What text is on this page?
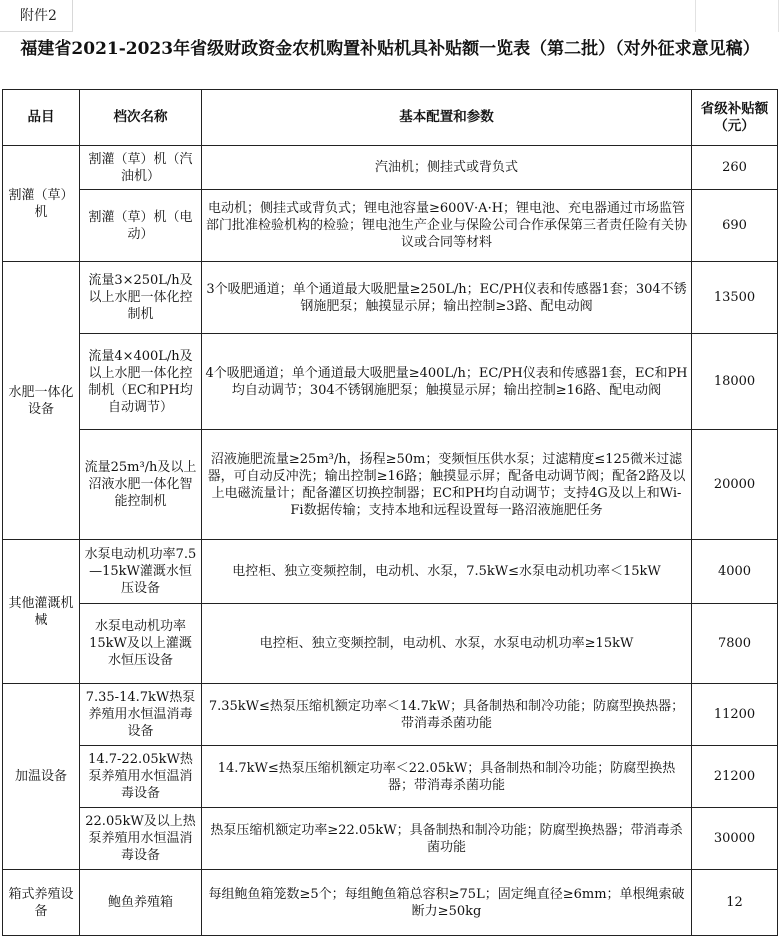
附件2
福建省2021-2023年省级财政资金农机购置补贴机具补贴额一览表（第二批）（对外征求意见稿）
品目	档次名称	基本配置和参数	省级补贴额（元）
割灌（草）机	割灌（草）机（汽油机）	汽油机；侧挂式或背负式	260
	割灌（草）机（电动）	电动机；侧挂式或背负式；锂电池容量≥600V·A·H；锂电池、充电器通过市场监管部门批准检验机构的检验；锂电池生产企业与保险公司合作承保第三者责任险有关协议或合同等材料	690
水肥一体化设备	流量3×250L/h及以上水肥一体化控制机	3个吸肥通道；单个通道最大吸肥量≥250L/h；EC/PH仪表和传感器1套；304不锈钢施肥泵；触摸显示屏；输出控制≥3路、配电动阀	13500
	流量4×400L/h及以上水肥一体化控制机（EC和PH均自动调节）	4个吸肥通道；单个通道最大吸肥量≥400L/h；EC/PH仪表和传感器1套，EC和PH均自动调节；304不锈钢施肥泵；触摸显示屏；输出控制≥16路、配电动阀	18000
	流量25m³/h及以上沼液水肥一体化智能控制机	沼液施肥流量≥25m³/h，扬程≥50m；变频恒压供水泵；过滤精度≤125微米过滤器，可自动反冲洗；输出控制≥16路；触摸显示屏；配备电动调节阀；配备2路及以上电磁流量计；配备灌区切换控制器；EC和PH均自动调节；支持4G及以上和Wi-Fi数据传输；支持本地和远程设置每一路沼液施肥任务	20000
其他灌溉机械	水泵电动机功率7.5—15kW灌溉水恒压设备	电控柜、独立变频控制，电动机、水泵，7.5kW≤水泵电动机功率＜15kW	4000
	水泵电动机功率15kW及以上灌溉水恒压设备	电控柜、独立变频控制，电动机、水泵，水泵电动机功率≥15kW	7800
加温设备	7.35-14.7kW热泵养殖用水恒温消毒设备	7.35kW≤热泵压缩机额定功率＜14.7kW；具备制热和制冷功能；防腐型换热器；带消毒杀菌功能	11200
	14.7-22.05kW热泵养殖用水恒温消毒设备	14.7kW≤热泵压缩机额定功率＜22.05kW；具备制热和制冷功能；防腐型换热器；带消毒杀菌功能	21200
	22.05kW及以上热泵养殖用水恒温消毒设备	热泵压缩机额定功率≥22.05kW；具备制热和制冷功能；防腐型换热器；带消毒杀菌功能	30000
箱式养殖设备	鲍鱼养殖箱	每组鲍鱼箱笼数≥5个；每组鲍鱼箱总容积≥75L；固定绳直径≥6mm；单根绳索破断力≥50kg	12
